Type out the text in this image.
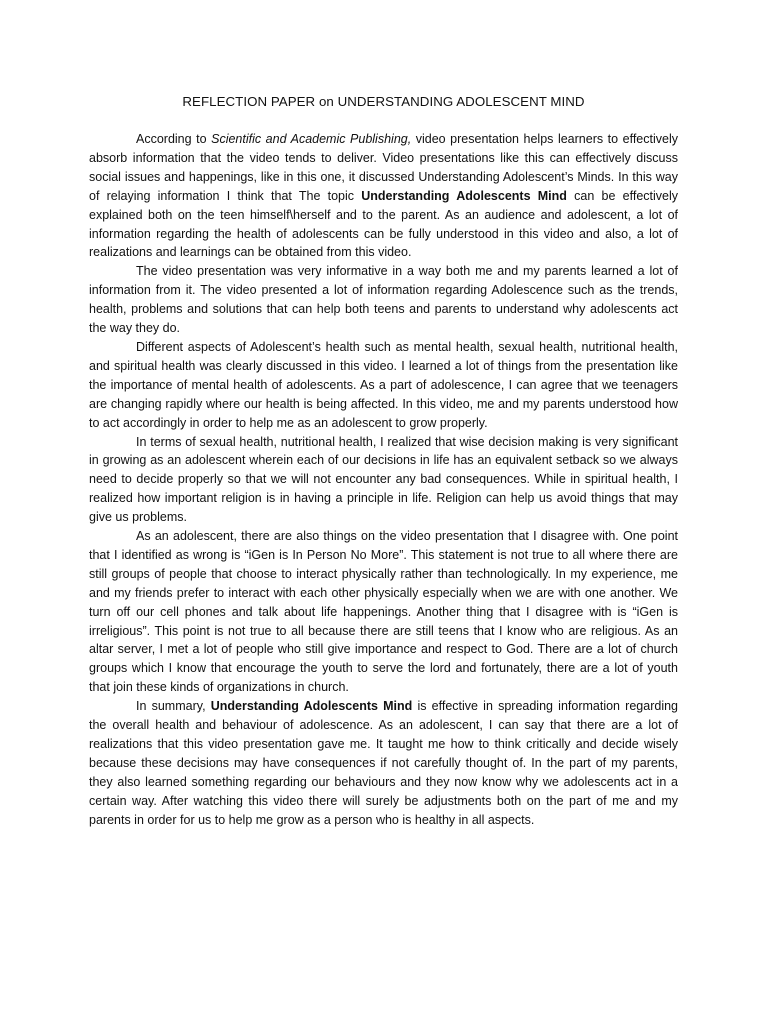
REFLECTION PAPER on UNDERSTANDING ADOLESCENT MIND

According to Scientific and Academic Publishing, video presentation helps learners to effectively absorb information that the video tends to deliver. Video presentations like this can effectively discuss social issues and happenings, like in this one, it discussed Understanding Adolescent’s Minds. In this way of relaying information I think that The topic Understanding Adolescents Mind can be effectively explained both on the teen himself\herself and to the parent. As an audience and adolescent, a lot of information regarding the health of adolescents can be fully understood in this video and also, a lot of realizations and learnings can be obtained from this video.

The video presentation was very informative in a way both me and my parents learned a lot of information from it. The video presented a lot of information regarding Adolescence such as the trends, health, problems and solutions that can help both teens and parents to understand why adolescents act the way they do.

Different aspects of Adolescent’s health such as mental health, sexual health, nutritional health, and spiritual health was clearly discussed in this video. I learned a lot of things from the presentation like the importance of mental health of adolescents. As a part of adolescence, I can agree that we teenagers are changing rapidly where our health is being affected. In this video, me and my parents understood how to act accordingly in order to help me as an adolescent to grow properly.

In terms of sexual health, nutritional health, I realized that wise decision making is very significant in growing as an adolescent wherein each of our decisions in life has an equivalent setback so we always need to decide properly so that we will not encounter any bad consequences. While in spiritual health, I realized how important religion is in having a principle in life. Religion can help us avoid things that may give us problems.

As an adolescent, there are also things on the video presentation that I disagree with. One point that I identified as wrong is “iGen is In Person No More”. This statement is not true to all where there are still groups of people that choose to interact physically rather than technologically. In my experience, me and my friends prefer to interact with each other physically especially when we are with one another. We turn off our cell phones and talk about life happenings. Another thing that I disagree with is “iGen is irreligious”. This point is not true to all because there are still teens that I know who are religious. As an altar server, I met a lot of people who still give importance and respect to God. There are a lot of church groups which I know that encourage the youth to serve the lord and fortunately, there are a lot of youth that join these kinds of organizations in church.

In summary, Understanding Adolescents Mind is effective in spreading information regarding the overall health and behaviour of adolescence. As an adolescent, I can say that there are a lot of realizations that this video presentation gave me. It taught me how to think critically and decide wisely because these decisions may have consequences if not carefully thought of. In the part of my parents, they also learned something regarding our behaviours and they now know why we adolescents act in a certain way. After watching this video there will surely be adjustments both on the part of me and my parents in order for us to help me grow as a person who is healthy in all aspects.
